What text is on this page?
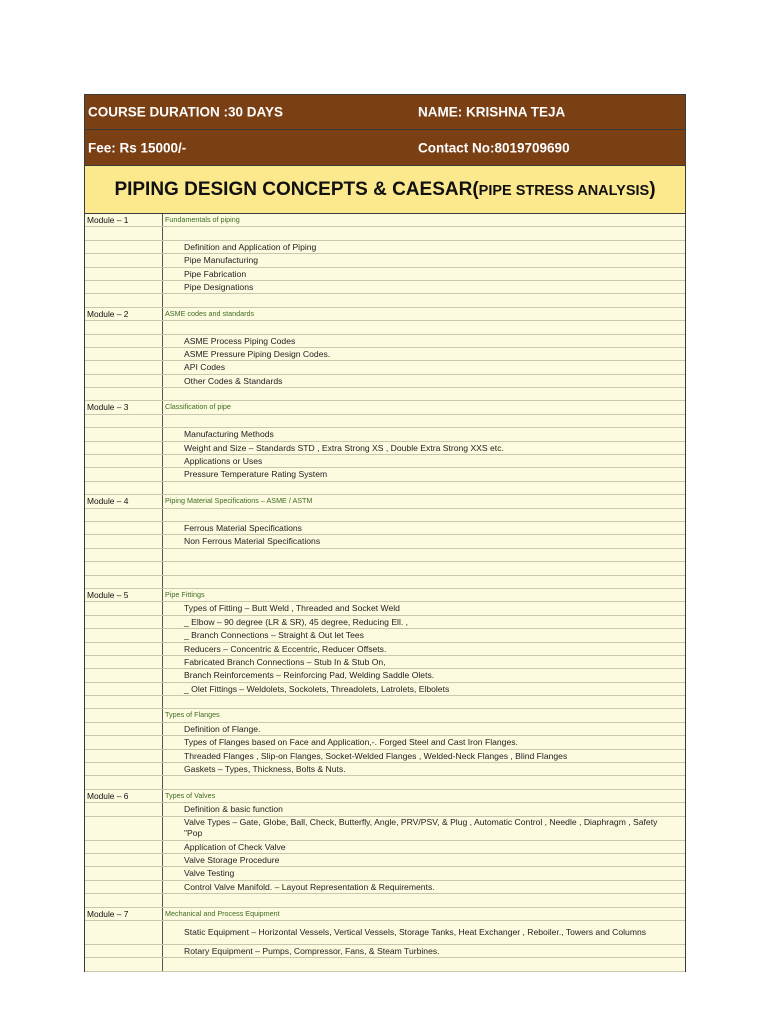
COURSE DURATION :30 DAYS	NAME: KRISHNA TEJA
Fee: Rs 15000/-	Contact No:8019709690
PIPING DESIGN CONCEPTS & CAESAR(PIPE STRESS ANALYSIS)
Module – 1	Fundamentals of piping
Definition and Application of Piping
Pipe Manufacturing
Pipe Fabrication
Pipe Designations
Module – 2	ASME codes and standards
ASME Process Piping Codes
ASME Pressure Piping Design Codes.
API Codes
Other Codes & Standards
Module – 3	Classification of pipe
Manufacturing Methods
Weight and Size – Standards STD , Extra Strong XS , Double Extra Strong XXS etc.
Applications or Uses
Pressure Temperature Rating System
Module – 4	Piping Material Specifications – ASME / ASTM
Ferrous Material Specifications
Non Ferrous Material Specifications
Module – 5	Pipe Fittings
Types of Fitting – Butt Weld , Threaded and Socket Weld
_ Elbow – 90 degree (LR & SR), 45 degree, Reducing Ell. ,
_ Branch Connections – Straight & Out let Tees
Reducers – Concentric & Eccentric, Reducer Offsets.
Fabricated Branch Connections – Stub In & Stub On,
Branch Reinforcements – Reinforcing Pad, Welding Saddle Olets.
_ Olet Fittings – Weldolets, Sockolets, Threadolets, Latrolets, Elbolets
Types of Flanges
Definition of Flange.
Types of Flanges based on Face and Application,-. Forged Steel and Cast Iron Flanges.
Threaded Flanges , Slip-on Flanges, Socket-Welded Flanges , Welded-Neck Flanges , Blind Flanges
Gaskets – Types, Thickness, Bolts & Nuts.
Module – 6	Types of Valves
Definition & basic function
Valve Types – Gate, Globe, Ball, Check, Butterfly, Angle, PRV/PSV, & Plug , Automatic Control , Needle , Diaphragm , Safety "Pop
Application of Check Valve
Valve Storage Procedure
Valve Testing
Control Valve Manifold. – Layout Representation & Requirements.
Module – 7	Mechanical and Process Equipment
Static Equipment – Horizontal Vessels, Vertical Vessels, Storage Tanks, Heat Exchanger , Reboiler., Towers and Columns
Rotary Equipment – Pumps, Compressor, Fans, & Steam Turbines.
